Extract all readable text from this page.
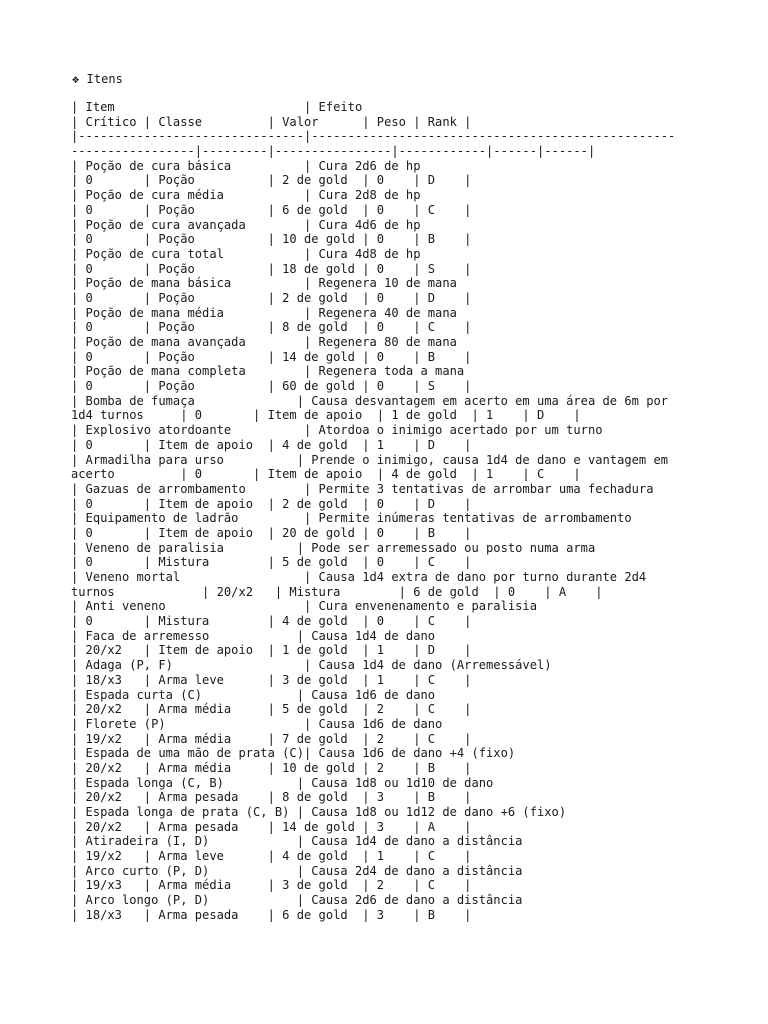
❖ Itens
| Item                          | Efeito
| Crítico | Classe         | Valor      | Peso | Rank |
|-------------------------------|--------------------------------------------------
-----------------|---------|----------------|------------|------|------|
| Poção de cura básica          | Cura 2d6 de hp
| 0       | Poção          | 2 de gold  | 0    | D    |
| Poção de cura média           | Cura 2d8 de hp
| 0       | Poção          | 6 de gold  | 0    | C    |
| Poção de cura avançada        | Cura 4d6 de hp
| 0       | Poção          | 10 de gold | 0    | B    |
| Poção de cura total           | Cura 4d8 de hp
| 0       | Poção          | 18 de gold | 0    | S    |
| Poção de mana básica          | Regenera 10 de mana
| 0       | Poção          | 2 de gold  | 0    | D    |
| Poção de mana média           | Regenera 40 de mana
| 0       | Poção          | 8 de gold  | 0    | C    |
| Poção de mana avançada        | Regenera 80 de mana
| 0       | Poção          | 14 de gold | 0    | B    |
| Poção de mana completa        | Regenera toda a mana
| 0       | Poção          | 60 de gold | 0    | S    |
| Bomba de fumaça              | Causa desvantagem em acerto em uma área de 6m por
1d4 turnos     | 0       | Item de apoio  | 1 de gold  | 1    | D    |
| Explosivo atordoante          | Atordoa o inimigo acertado por um turno
| 0       | Item de apoio  | 4 de gold  | 1    | D    |
| Armadilha para urso          | Prende o inimigo, causa 1d4 de dano e vantagem em
acerto         | 0       | Item de apoio  | 4 de gold  | 1    | C    |
| Gazuas de arrombamento        | Permite 3 tentativas de arrombar uma fechadura
| 0       | Item de apoio  | 2 de gold  | 0    | D    |
| Equipamento de ladrão         | Permite inúmeras tentativas de arrombamento
| 0       | Item de apoio  | 20 de gold | 0    | B    |
| Veneno de paralisia          | Pode ser arremessado ou posto numa arma
| 0       | Mistura        | 5 de gold  | 0    | C    |
| Veneno mortal                 | Causa 1d4 extra de dano por turno durante 2d4
turnos            | 20/x2   | Mistura        | 6 de gold  | 0    | A    |
| Anti veneno                   | Cura envenenamento e paralisia
| 0       | Mistura        | 4 de gold  | 0    | C    |
| Faca de arremesso            | Causa 1d4 de dano
| 20/x2   | Item de apoio  | 1 de gold  | 1    | D    |
| Adaga (P, F)                  | Causa 1d4 de dano (Arremessável)
| 18/x3   | Arma leve      | 3 de gold  | 1    | C    |
| Espada curta (C)             | Causa 1d6 de dano
| 20/x2   | Arma média     | 5 de gold  | 2    | C    |
| Florete (P)                   | Causa 1d6 de dano
| 19/x2   | Arma média     | 7 de gold  | 2    | C    |
| Espada de uma mão de prata (C)| Causa 1d6 de dano +4 (fixo)
| 20/x2   | Arma média     | 10 de gold | 2    | B    |
| Espada longa (C, B)          | Causa 1d8 ou 1d10 de dano
| 20/x2   | Arma pesada    | 8 de gold  | 3    | B    |
| Espada longa de prata (C, B) | Causa 1d8 ou 1d12 de dano +6 (fixo)
| 20/x2   | Arma pesada    | 14 de gold | 3    | A    |
| Atiradeira (I, D)            | Causa 1d4 de dano a distância
| 19/x2   | Arma leve      | 4 de gold  | 1    | C    |
| Arco curto (P, D)            | Causa 2d4 de dano a distância
| 19/x3   | Arma média     | 3 de gold  | 2    | C    |
| Arco longo (P, D)            | Causa 2d6 de dano a distância
| 18/x3   | Arma pesada    | 6 de gold  | 3    | B    |
